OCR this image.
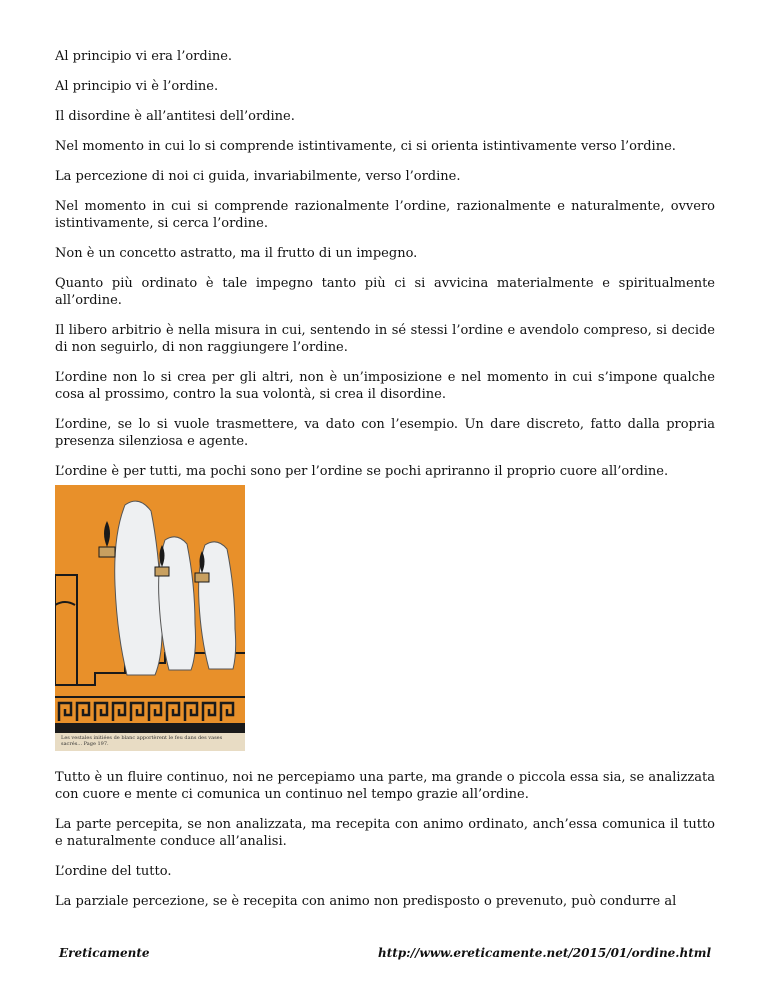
Al principio vi era l’ordine.

Al principio vi è l’ordine.

Il disordine è all’antitesi dell’ordine.

Nel momento in cui lo si comprende istintivamente, ci si orienta istintivamente verso l’ordine.

La percezione di noi ci guida, invariabilmente, verso l’ordine.

Nel momento in cui si comprende razionalmente l’ordine, razionalmente e naturalmente, ovvero istintivamente, si cerca l’ordine.

Non è un concetto astratto, ma il frutto di un impegno.

Quanto più ordinato è tale impegno tanto più ci si avvicina materialmente e spiritualmente all’ordine.

Il libero arbitrio è nella misura in cui, sentendo in sé stessi l’ordine e avendolo compreso, si decide di non seguirlo, di non raggiungere l’ordine.

L’ordine non lo si crea per gli altri, non è un’imposizione e nel momento in cui s’impone qualche cosa al prossimo, contro la sua volontà, si crea il disordine.

L’ordine, se lo si vuole trasmettere, va dato con l’esempio. Un dare discreto, fatto dalla propria presenza silenziosa e agente.

L’ordine è per tutti, ma pochi sono per l’ordine se pochi apriranno il proprio cuore all’ordine.

Les vestales initiées de blanc apportèrent le feu dans des vases sacrés... Page 197.

Tutto è un fluire continuo, noi ne percepiamo una parte, ma grande o piccola essa sia, se analizzata con cuore e mente ci comunica un continuo nel tempo grazie all’ordine.

La parte percepita, se non analizzata, ma recepita con animo ordinato, anch’essa comunica il tutto e naturalmente conduce all’analisi.

L’ordine del tutto.

La parziale percezione, se è recepita con animo non predisposto o prevenuto, può condurre al

Ereticamente	http://www.ereticamente.net/2015/01/ordine.html
